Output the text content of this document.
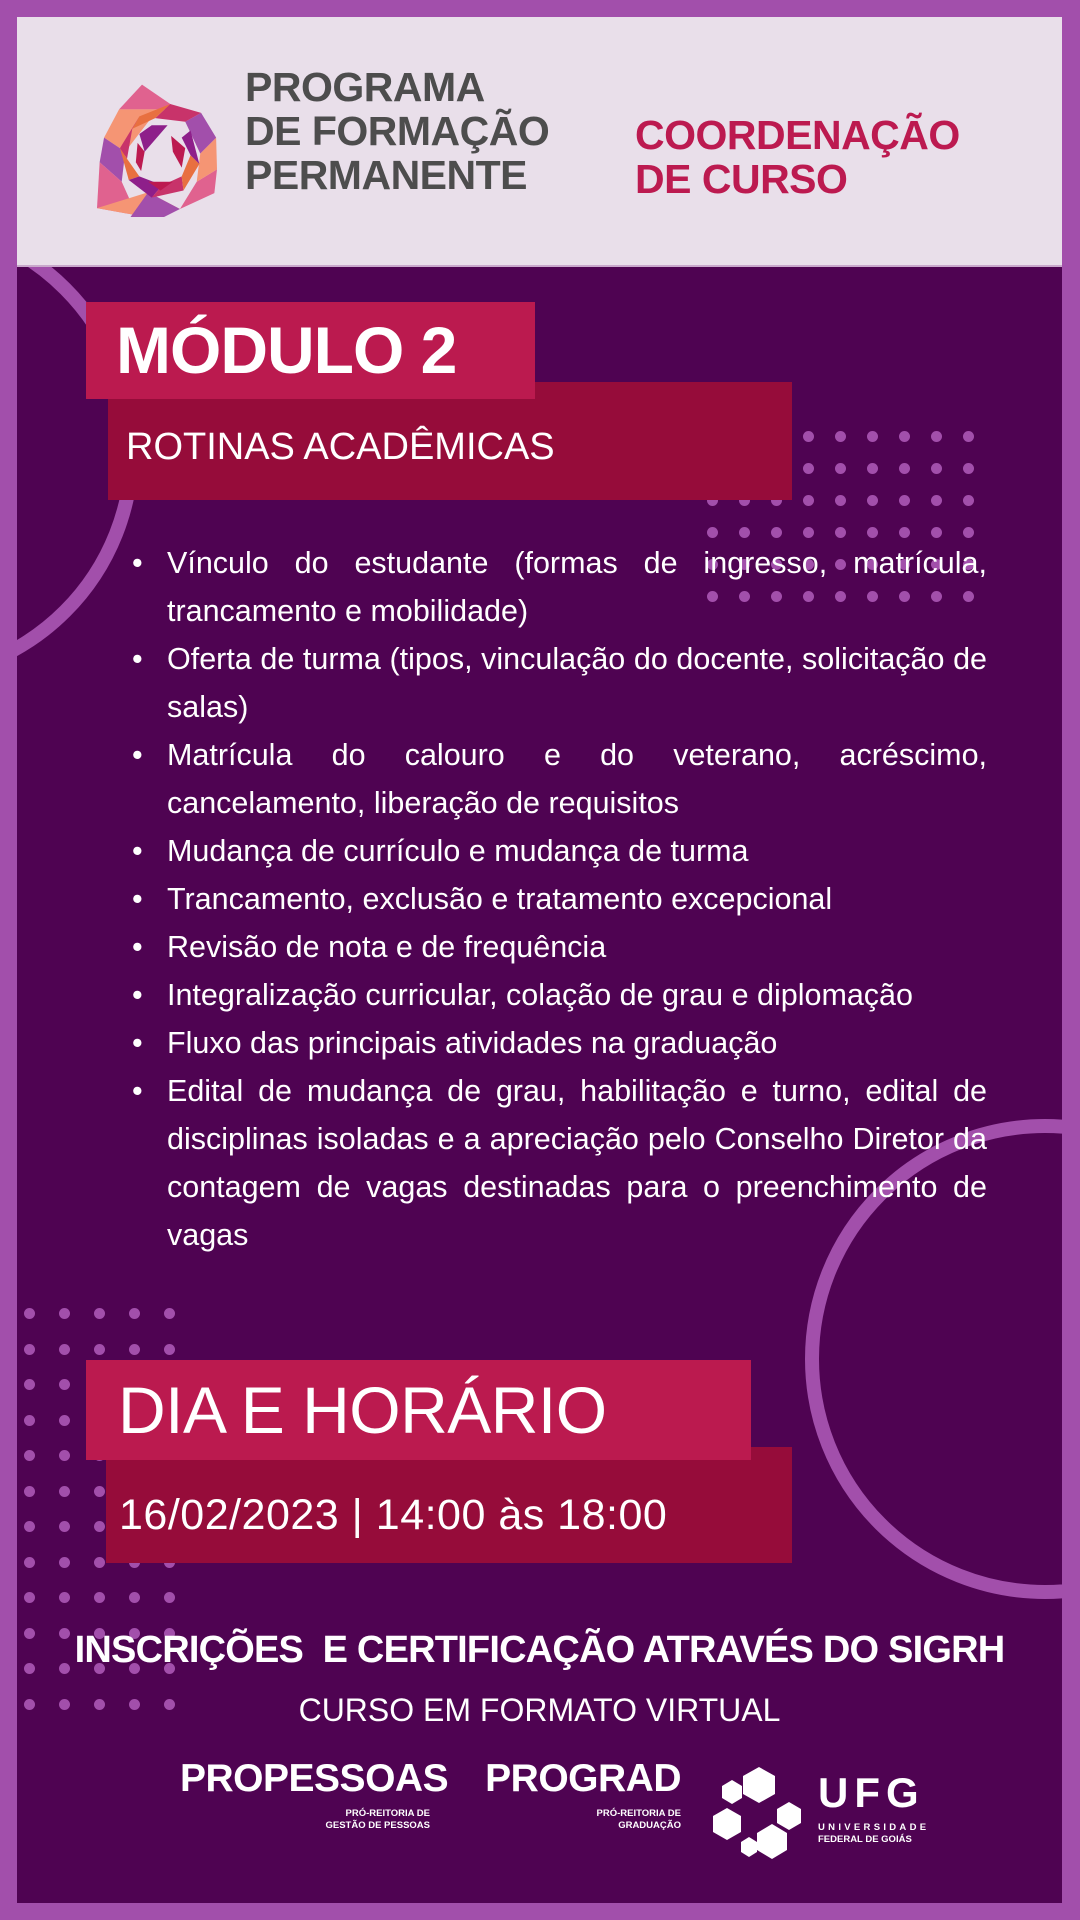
PROGRAMA
DE FORMAÇÃO
PERMANENTE
COORDENAÇÃO
DE CURSO
MÓDULO 2
ROTINAS ACADÊMICAS
• Vínculo do estudante (formas de ingresso, matrícula, trancamento e mobilidade)
• Oferta de turma (tipos, vinculação do docente, solicitação de salas)
• Matrícula do calouro e do veterano, acréscimo, cancelamento, liberação de requisitos
• Mudança de currículo e mudança de turma
• Trancamento, exclusão e tratamento excepcional
• Revisão de nota e de frequência
• Integralização curricular, colação de grau e diplomação
• Fluxo das principais atividades na graduação
• Edital de mudança de grau, habilitação e turno, edital de disciplinas isoladas e a apreciação pelo Conselho Diretor da contagem de vagas destinadas para o preenchimento de vagas
DIA E HORÁRIO
16/02/2023 | 14:00 às 18:00
INSCRIÇÕES  E CERTIFICAÇÃO ATRAVÉS DO SIGRH
CURSO EM FORMATO VIRTUAL
PROPESSOAS
PRÓ-REITORIA DE
GESTÃO DE PESSOAS
PROGRAD
PRÓ-REITORIA DE
GRADUAÇÃO
UFG
UNIVERSIDADE
FEDERAL DE GOIÁS
